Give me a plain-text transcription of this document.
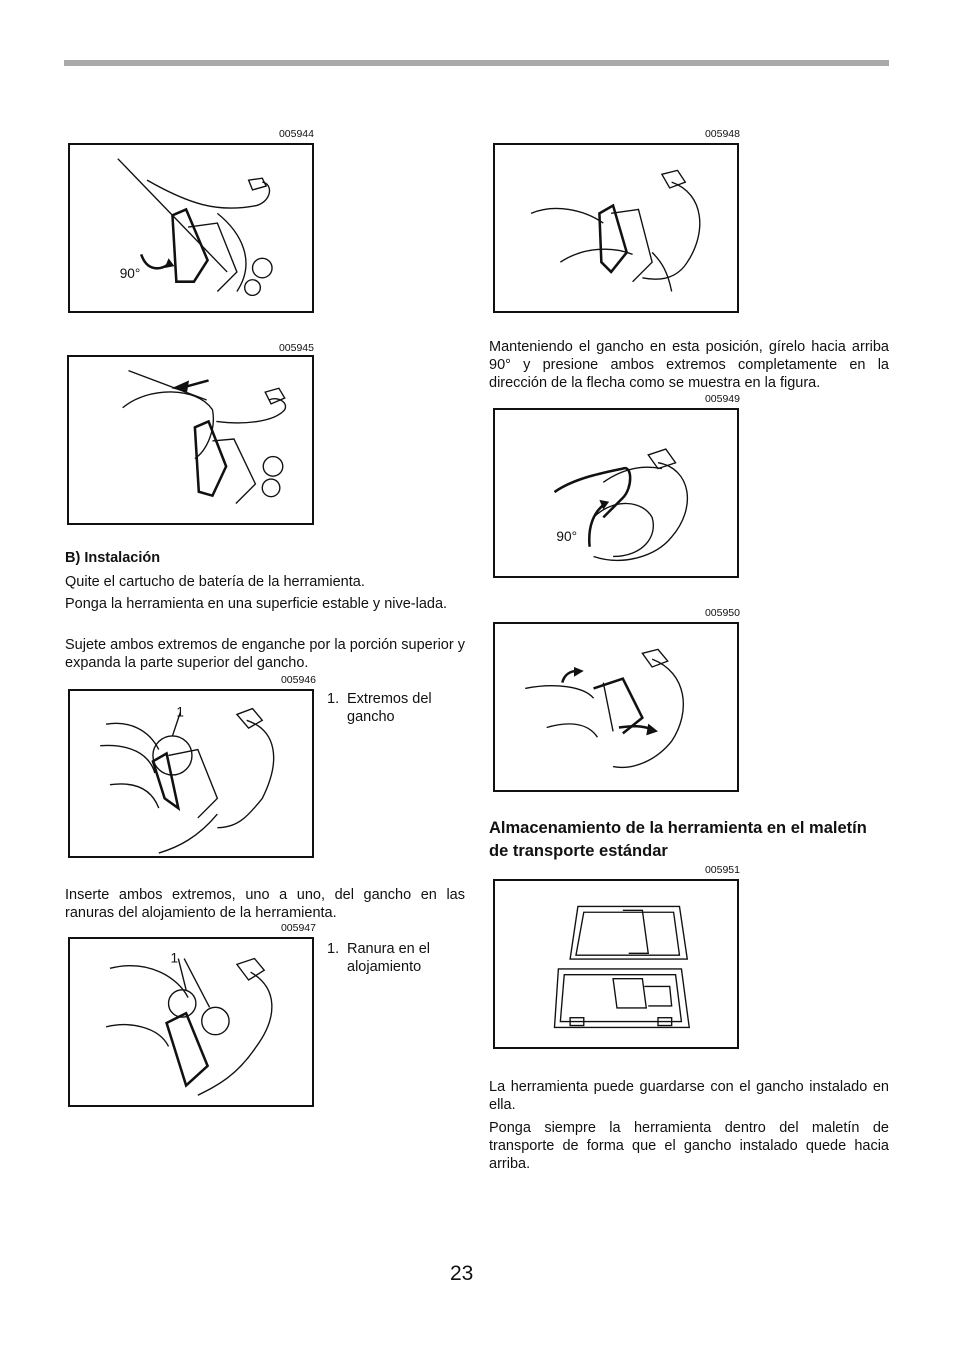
005944
90°
005945

B) Instalación

Quite el cartucho de batería de la herramienta.

Ponga la herramienta en una superficie estable y nive-lada.

Sujete ambos extremos de enganche por la porción superior y expanda la parte superior del gancho.

005946
1
1. Extremos del gancho

Inserte ambos extremos, uno a uno, del gancho en las ranuras del alojamiento de la herramienta.

005947
1
1. Ranura en el alojamiento
005948

Manteniendo el gancho en esta posición, gírelo hacia arriba 90° y presione ambos extremos completamente en la dirección de la flecha como se muestra en la figura.

005949
90°
005950

Almacenamiento de la herramienta en el maletín de transporte estándar

005951

La herramienta puede guardarse con el gancho instalado en ella.

Ponga siempre la herramienta dentro del maletín de transporte de forma que el gancho instalado quede hacia arriba.

23
